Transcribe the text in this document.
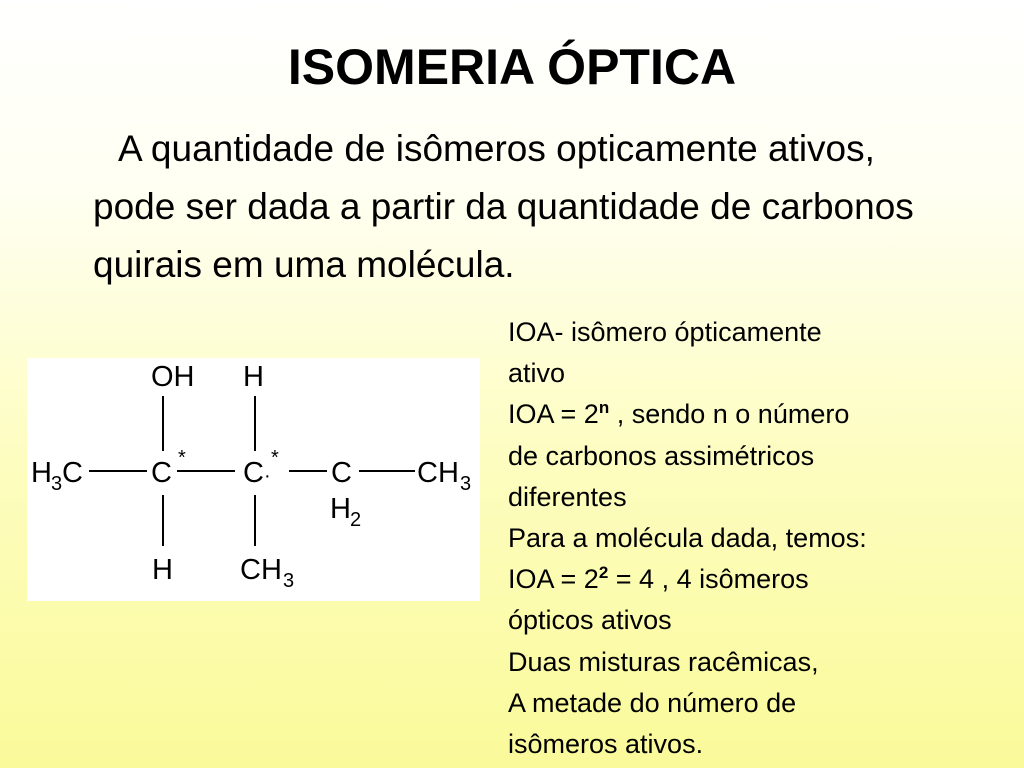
ISOMERIA ÓPTICA

A quantidade de isômeros opticamente ativos, pode ser dada a partir da quantidade de carbonos quirais em uma molécula.

OH H
H 3 C C * C ·
* C
H 2
CH 3
H CH 3
IOA- isômero ópticamente
ativo
IOA = $2^n$ , sendo n o número
de carbonos assimétricos
diferentes
Para a molécula dada, temos:
IOA = $2^2 = 4$ , 4 isômeros
ópticos ativos
Duas misturas racêmicas,
A metade do número de
isômeros ativos.
